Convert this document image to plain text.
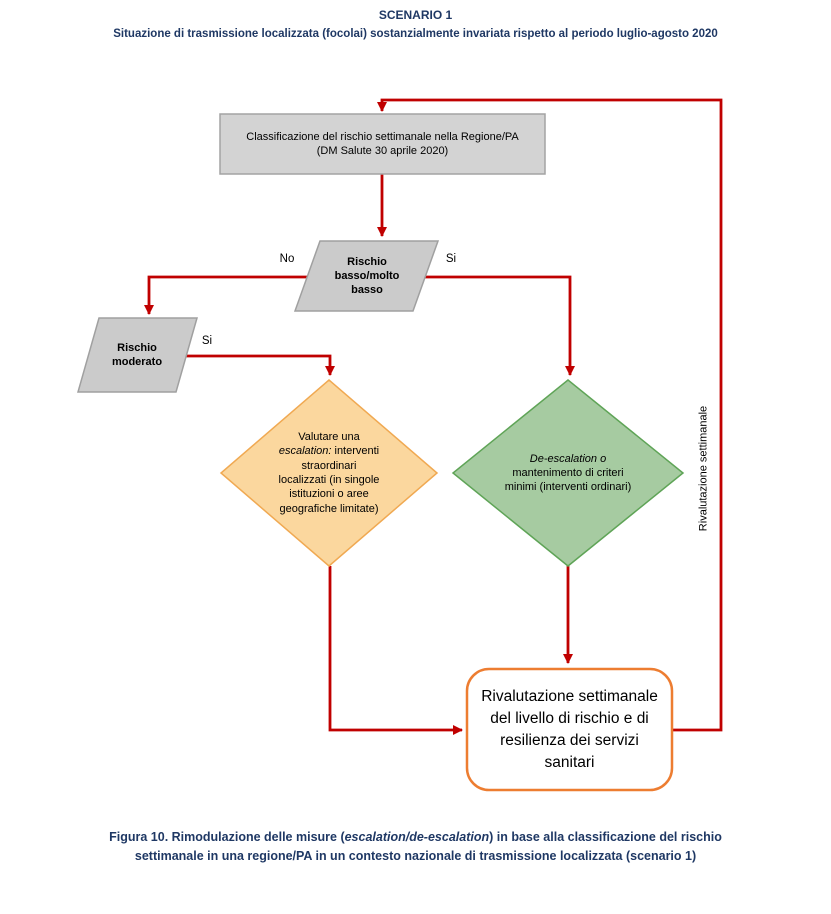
SCENARIO 1
Situazione di trasmissione localizzata (focolai) sostanzialmente invariata rispetto al periodo luglio-agosto 2020
Classificazione del rischio settimanale nella Regione/PA
(DM Salute 30 aprile 2020)
Rischio basso/molto basso
Rischio moderato
Valutare una escalation: interventi straordinari localizzati (in singole istituzioni o aree geografiche limitate)
De-escalation o mantenimento di criteri minimi (interventi ordinari)
Rivalutazione settimanale del livello di rischio e di resilienza dei servizi sanitari
No	Si
Si
Rivalutazione settimanale
Figura 10. Rimodulazione delle misure (escalation/de-escalation) in base alla classificazione del rischio settimanale in una regione/PA in un contesto nazionale di trasmissione localizzata (scenario 1)
